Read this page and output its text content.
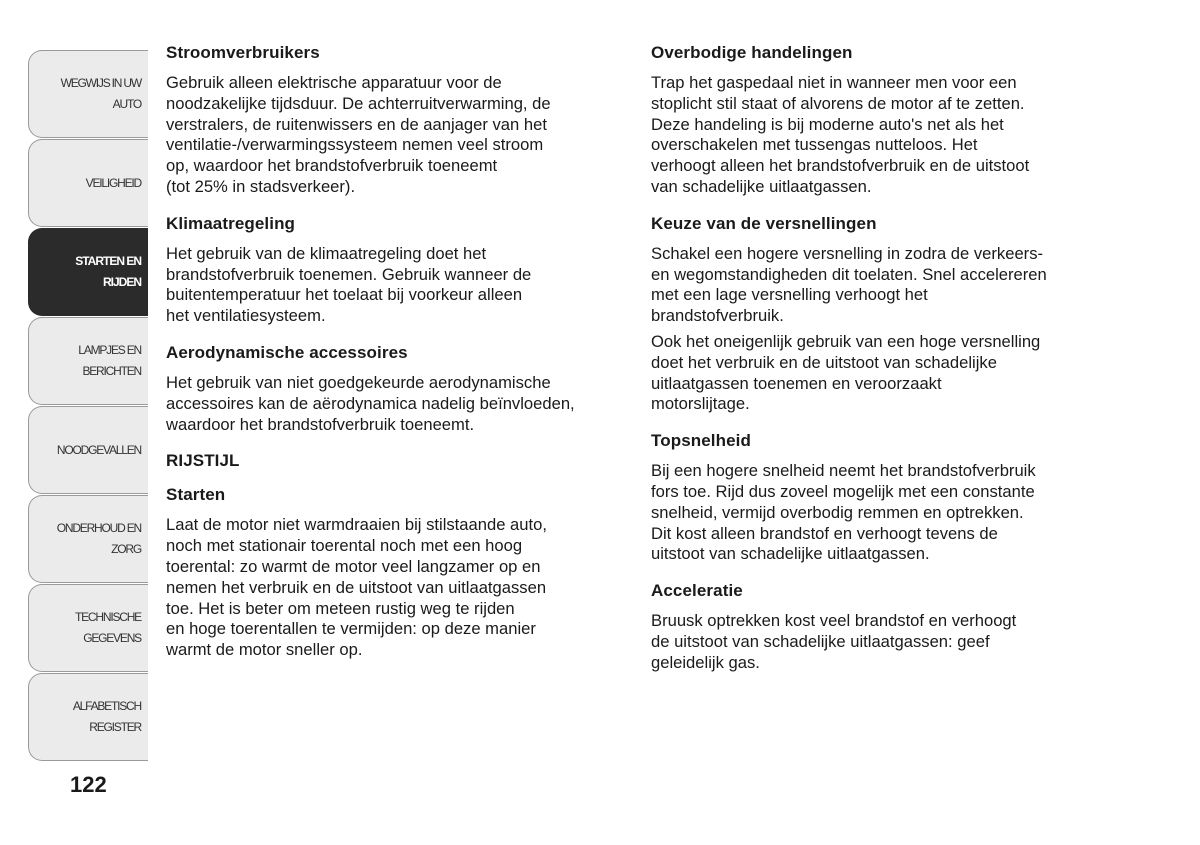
WEGWIJS IN UW
AUTO
VEILIGHEID
STARTEN EN
RIJDEN
LAMPJES EN
BERICHTEN
NOODGEVALLEN
ONDERHOUD EN
ZORG
TECHNISCHE
GEGEVENS
ALFABETISCH
REGISTER
122
Stroomverbruikers
Gebruik alleen elektrische apparatuur voor de
noodzakelijke tijdsduur. De achterruitverwarming, de
verstralers, de ruitenwissers en de aanjager van het
ventilatie-/verwarmingssysteem nemen veel stroom
op, waardoor het brandstofverbruik toeneemt
(tot 25% in stadsverkeer).
Klimaatregeling
Het gebruik van de klimaatregeling doet het
brandstofverbruik toenemen. Gebruik wanneer de
buitentemperatuur het toelaat bij voorkeur alleen
het ventilatiesysteem.
Aerodynamische accessoires
Het gebruik van niet goedgekeurde aerodynamische
accessoires kan de aërodynamica nadelig beïnvloeden,
waardoor het brandstofverbruik toeneemt.
RIJSTIJL
Starten
Laat de motor niet warmdraaien bij stilstaande auto,
noch met stationair toerental noch met een hoog
toerental: zo warmt de motor veel langzamer op en
nemen het verbruik en de uitstoot van uitlaatgassen
toe. Het is beter om meteen rustig weg te rijden
en hoge toerentallen te vermijden: op deze manier
warmt de motor sneller op.
Overbodige handelingen
Trap het gaspedaal niet in wanneer men voor een
stoplicht stil staat of alvorens de motor af te zetten.
Deze handeling is bij moderne auto's net als het
overschakelen met tussengas nutteloos. Het
verhoogt alleen het brandstofverbruik en de uitstoot
van schadelijke uitlaatgassen.
Keuze van de versnellingen
Schakel een hogere versnelling in zodra de verkeers-
en wegomstandigheden dit toelaten. Snel accelereren
met een lage versnelling verhoogt het
brandstofverbruik.
Ook het oneigenlijk gebruik van een hoge versnelling
doet het verbruik en de uitstoot van schadelijke
uitlaatgassen toenemen en veroorzaakt
motorslijtage.
Topsnelheid
Bij een hogere snelheid neemt het brandstofverbruik
fors toe. Rijd dus zoveel mogelijk met een constante
snelheid, vermijd overbodig remmen en optrekken.
Dit kost alleen brandstof en verhoogt tevens de
uitstoot van schadelijke uitlaatgassen.
Acceleratie
Bruusk optrekken kost veel brandstof en verhoogt
de uitstoot van schadelijke uitlaatgassen: geef
geleidelijk gas.
